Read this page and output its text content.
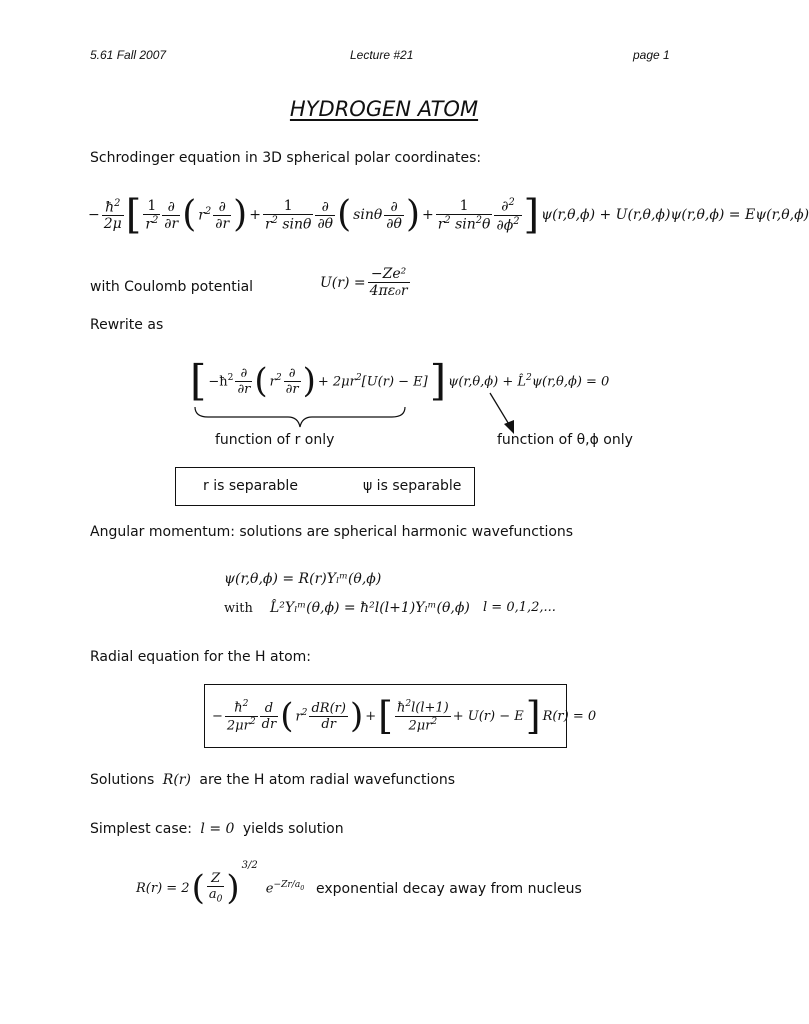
5.61 Fall 2007	Lecture #21	page 1
HYDROGEN ATOM
Schrodinger equation in 3D spherical polar coordinates:
− $\frac{ħ^2}{2\mu}$ [ $\frac{1}{r^2} \frac{\partial}{\partial r}$ ( $r^2 \frac{\partial}{\partial r}$ ) + $\frac{1}{r^2 \sin\theta} \frac{\partial}{\partial\theta}$ ( sinθ $\frac{\partial}{\partial\theta}$ ) + $\frac{1}{r^2 \sin^2\theta} \frac{\partial^2}{\partial\phi^2}$ ] ψ(r,θ,ϕ) + U(r,θ,ϕ)ψ(r,θ,ϕ) = Eψ(r,θ,ϕ)
with Coulomb potential	$U(r) = \frac{\text{−Ze²}}{\text{4πε₀r}}$
Rewrite as
[ $-ħ^2 \frac{\partial}{\partial r}$ ( $r^2 \frac{\partial}{\partial r}$ ) + $2\mu r^2[U(r) - E]$ ] ψ(r,θ,ϕ) + L̂$^2$ψ(r,θ,ϕ) = 0
function of r only	function of θ,ϕ only
r is separable	ψ is separable
Angular momentum: solutions are spherical harmonic wavefunctions
ψ(r,θ,ϕ) = R(r)Yₗᵐ(θ,ϕ)
with L̂²Yₗᵐ(θ,ϕ) = ħ²l(l+1)Yₗᵐ(θ,ϕ) l = 0,1,2,...
Radial equation for the H atom:
− $\frac{ħ^2}{2\mu r^2} \frac{d}{dr}$ ( $r^2 \frac{dR(r)}{dr}$ ) + [ $\frac{ħ^2l(l+1)}{2\mu r^2} + U(r) - E$ ] R(r) = 0
Solutions R(r) are the H atom radial wavefunctions
Simplest case: l = 0 yields solution
R(r) = 2 ( $\frac{Z}{a_0}$ )
3/2
$e^{-Zr/a_0}$ exponential decay away from nucleus
